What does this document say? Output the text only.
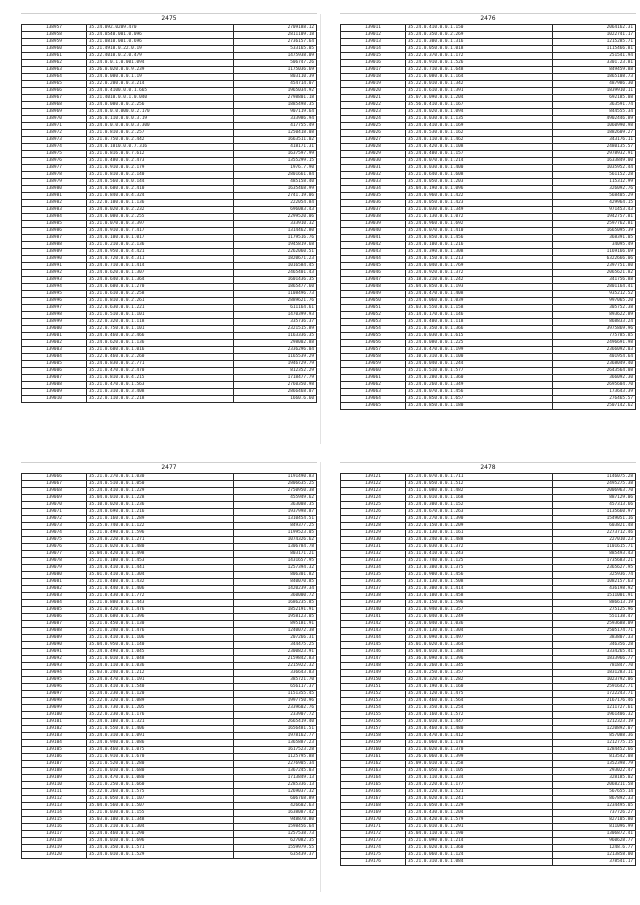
2475
138957	35.24.092.0209.470	2709188.12
138958	35.24.0540.001.0.096	2811109.18
138959	35.21.0810.001.0.696	2736157.64
138960	35.21.4910.0.22.0.19	533165.05
138961	35.22.4010.0.2.0.479	1475938.09
138962	35.24.0.0.1.0.001.094	506747.26
138963	35.26.0.020.0.0.9.239	1175036.69
138964	35.24.0.000.0.0.1.19	803110.39
138965	35.22.0.200.0.0.3.214	454714.07
138966	35.24.0.4100.0.0.1.665	1965034.92
138967	35.21.4010.0.0.1.0.040	2798801.18
138968	35.24.0.000.0.0.2.256	1885498.35
138969	35.24.0.0.0.000.0.2.170	907119.64
138970	35.26.0.110.0.0.0.3.19	333986.94
138971	35.24.0.0.0.0.0.0.3.300	417755.49
138972	35.21.0.810.0.0.2.257	1250418.08
138973	35.21.0.750.0.0.2.442	1663511.02
138974	35.24.0.1010.0.0.7.316	418171.31
138975	35.21.0.816.0.0.7.612	1637597.99
138976	35.21.0.480.0.0.2.473	1355299.15
138977	35.21.0.910.0.0.2.179	1976.7.90
138978	35.21.0.810.0.0.2.140	2801661.84
138979	35.24.0.560.0.0.0.144	485158.40
138980	35.24.0.600.0.0.2.410	1635468.99
138981	35.21.0.840.0.0.4.324	2741.19.06
138982	35.22.0.100.0.0.1.136	222054.84
138983	35.24.0.020.0.0.2.232	696083.43
138984	35.24.0.000.0.0.2.255	2299520.06
138985	35.21.0.070.0.0.3.397	333910.32
138986	35.24.0.910.0.0.7.417	1314462.80
138987	35.24.0.100.0.0.1.017	1179516.76
138988	35.21.0.210.0.0.2.136	1945819.68
138989	35.24.0.950.0.0.4.421	2262060.51
138990	35.24.0.720.0.0.4.311	1820671.23
138991	35.24.0.710.0.0.1.414	1016584.45
138992	35.24.0.620.0.0.1.307	2465401.43
138993	35.24.0.640.0.0.1.364	1601436.35
138994	35.24.0.600.0.0.1.270	1865477.60
138995	35.21.0.610.0.0.2.258	1108496.73
138996	35.21.0.810.0.0.2.261	2889621.76
138997	35.22.0.630.0.0.1.221	611164.61
138998	35.21.0.510.0.0.1.101	1470399.93
138999	35.22.0.320.0.0.1.118	335736.37
139000	35.22.0.750.0.0.1.101	2321515.89
139001	35.24.0.460.0.0.2.466	1163336.35
139002	35.24.0.620.0.0.1.136	298002.88
139003	35.21.0.600.0.0.1.016	2336296.04
139004	35.22.0.460.0.0.2.260	1165539.29
139005	35.24.0.830.0.0.2.771	1946729.79
139006	35.21.0.470.0.0.2.470	812352.29
139007	35.21.0.810.0.0.4.215	1718477.79
139008	35.21.0.470.0.0.1.563	2760350.98
139009	35.21.0.310.0.0.3.408	2866468.07
139010	35.22.0.110.0.0.2.218	1660.6.60
2476
139011	35.24.0.410.0.0.1.150	2064162.31
139012	35.24.0.350.0.0.2.269	1022741.17
139013	35.21.0.300.0.0.1.316	1215285.71
139014	35.21.0.050.0.0.1.018	1115466.81
139015	35.22.0.370.0.0.1.172	251541.94
139016	35.24.0.910.0.0.1.526	3301.23.81
139017	35.22.0.710.0.0.1.648	849459.88
139018	35.21.0.080.0.0.1.164	1865108.73
139019	35.22.0.010.0.0.1.342	487986.30
139020	35.21.0.610.0.0.1.391	1839910.11
139021	35.07.0.090.0.0.1.204	692185.08
139022	35.56.0.410.0.0.1.167	363591.74
139023	35.24.0.020.0.0.1.094	844555.34
139024	35.21.0.030.0.0.1.135	4902446.89
139025	35.24.0.410.0.0.1.169	1060990.98
139026	35.24.0.530.0.0.1.162	1882609.27
139027	35.24.0.110.0.0.1.462	343176.11
139028	35.24.0.420.0.0.1.108	2480135.57
139029	35.24.0.400.0.0.1.157	2978932.91
139030	35.24.0.070.0.0.1.214	1633849.00
139031	35.24.0.030.0.0.1.400	1035952.44
139032	35.21.0.640.0.0.1.608	561152.28
139033	35.24.0.050.0.0.1.203	115312.99
139034	35.04.0.190.0.0.1.096	326092.76
139035	35.24.0.960.0.0.1.422	568405.29
139036	35.24.0.050.0.0.1.423	429964.15
139037	35.21.0.030.0.0.1.349	971453.43
139038	35.21.0.130.0.0.1.072	1942757.81
139039	35.24.0.960.0.0.1.692	2597762.81
139040	35.24.0.070.0.0.1.410	1665095.39
139041	35.24.0.850.0.0.1.456	368391.05
139042	35.24.0.100.0.0.1.216	34095.49
139043	35.24.0.390.0.0.1.308	1169166.69
139044	35.24.0.150.0.0.1.213	6322666.06
139045	35.24.0.040.0.0.1.769	2397751.80
139046	35.24.0.920.0.0.1.372	2065621.82
139047	35.18.0.210.0.0.1.242	341756.88
139048	35.04.0.850.0.0.1.193	2801164.41
139049	35.24.0.470.0.0.1.408	935212.52
139050	35.24.0.060.0.0.1.039	997065.20
139051	35.03.0.550.0.0.1.158	305752.38
139052	35.14.0.170.0.0.1.146	893622.89
139053	35.24.0.400.0.0.1.118	868833.24
139054	35.21.0.350.0.0.1.366	3975869.96
139055	35.21.0.030.0.0.1.615	775785.85
139056	35.24.0.080.0.0.1.225	2496691.98
139057	35.23.0.470.0.0.1.199	2366092.03
139058	35.10.0.310.0.0.1.100	401954.64
139059	35.24.0.040.0.0.1.244	2368049.40
139060	35.21.0.510.0.0.1.577	2643564.08
139061	35.24.0.280.0.0.1.360	366092.30
139062	35.24.0.260.0.0.1.349	2695604.70
139063	35.24.0.070.0.0.1.456	173643.39
139064	35.21.0.850.0.0.1.657	276465.57
139065	35.24.0.850.0.0.1.180	2507142.62
2477
139066	35.21.0.270.0.0.1.030	1191490.83
139067	35.24.0.510.0.0.1.050	2806635.25
139068	35.24.0.410.0.0.1.229	2750950.38
139069	35.04.0.010.0.0.1.228	455949.62
139070	35.10.0.020.0.0.1.236	363008.35
139071	35.24.0.690.0.0.1.216	1937998.87
139072	35.21.0.160.0.0.1.289	1310454.51
139073	35.25.0.740.0.0.1.122	849377.25
139074	35.21.0.490.0.0.1.596	1199523.05
139075	35.24.0.220.0.0.1.271	1074326.62
139076	35.21.0.020.0.0.1.480	1306784.78
139077	35.04.0.420.0.0.1.498	803171.21
139078	35.21.0.100.0.0.1.453	1431657.95
139079	35.24.0.410.0.0.1.441	1257394.32
139080	35.01.0.410.0.0.1.304	806301.82
139081	35.21.0.400.0.0.1.432	840070.85
139082	35.21.0.440.0.0.1.406	1420239.34
139083	35.21.0.430.0.0.1.772	360000.72
139084	35.21.0.800.0.0.1.443	1686235.85
139085	35.21.0.420.0.0.1.476	1852191.91
139086	35.24.0.680.0.0.1.396	1958123.05
139087	35.21.0.450.0.0.1.130	895181.91
139088	35.21.0.240.0.0.1.476	1240072.38
139089	35.21.0.410.0.0.1.106	207266.31
139090	35.04.0.950.0.0.1.140	344475.25
139091	35.24.0.490.0.0.1.045	2300823.91
139092	35.21.0.010.0.0.1.048	2159842.83
139093	35.24.0.110.0.0.1.036	2215922.32
139094	35.03.0.240.0.0.1.212	336643.83
139095	35.24.0.470.0.0.1.191	385721.70
139096	35.24.0.410.0.0.1.540	656117.37
139097	35.24.0.230.0.0.1.120	1151355.45
139098	35.22.0.320.0.0.1.089	1997750.96
139099	35.24.0.730.0.0.1.205	2339602.76
139100	35.22.0.230.0.0.1.176	233907.72
139101	35.24.0.100.0.0.1.321	2665419.40
139102	35.21.0.550.0.0.1.406	1656481.51
139103	35.24.0.310.0.0.1.091	1978162.77
139104	35.24.0.940.0.0.1.086	1365887.23
139105	35.24.0.460.0.0.1.075	1617523.28
139106	35.21.0.910.0.0.1.670	1125795.88
139107	35.21.0.520.0.0.1.280	2276905.34
139108	35.21.0.010.0.0.1.680	1367245.03
139109	35.24.0.470.0.0.1.080	1713849.13
139110	35.21.0.250.0.0.1.660	2285336.13
139111	35.22.0.260.0.0.1.575	1269037.32
139112	35.21.0.050.0.0.1.107	606768.89
139113	35.04.0.560.0.0.1.507	426602.63
139114	35.21.0.030.0.0.1.155	1638087.42
139115	35.03.0.100.0.0.1.348	948878.80
139116	35.24.0.210.0.0.1.304	1598456.64
139117	35.24.0.460.0.0.1.290	1257538.73
139118	35.24.0.010.0.0.1.696	627082.35
139119	35.24.0.350.0.0.1.571	1559979.55
139120	35.24.0.010.0.0.1.529	635439.37
2478
139121	35.24.0.070.0.0.1.711	1146075.28
139122	35.24.0.050.0.0.1.512	2495275.38
139123	35.11.0.080.0.0.1.482	2006963.70
139124	35.24.0.010.0.0.1.168	887129.06
139125	35.24.0.300.0.0.1.152	457313.66
139126	35.24.0.670.0.0.1.263	1135660.97
139127	35.24.0.270.0.0.1.390	1549051.16
139128	35.22.0.150.0.0.1.209	603821.48
139129	35.21.0.130.0.0.1.161	2273712.46
139130	35.24.0.240.0.0.1.488	227010.23
139131	35.21.0.030.0.0.1.372	1101615.71
139132	35.11.0.410.0.0.1.243	885493.43
139133	35.21.0.740.0.0.1.125	1735683.21
139134	35.13.0.380.0.0.1.375	2365627.95
139135	35.21.0.900.0.0.1.456	325936.74
139136	35.13.0.130.0.0.1.508	1082157.63
139137	35.21.0.300.0.0.1.414	436198.92
139138	35.13.0.100.0.0.1.458	1511001.91
139139	35.24.0.150.0.0.1.596	886613.19
139140	35.21.0.940.0.0.1.357	275125.96
139141	35.21.0.040.0.0.1.249	551138.47
139142	35.24.0.040.0.0.1.036	2593688.09
139143	35.24.0.130.0.0.1.304	2505174.71
139144	35.24.0.090.0.0.1.497	383807.33
139145	35.01.0.020.0.0.1.364	346356.28
139146	35.04.0.010.0.0.1.384	3334265.41
139147	35.36.0.090.0.0.1.396	1833966.77
139148	35.20.0.260.0.0.1.345	781847.70
139149	35.24.0.250.0.0.1.357	1831283.11
139150	35.24.0.320.0.0.1.282	1023792.06
139151	35.24.0.190.0.0.1.160	2591642.71
139152	35.24.0.120.0.0.1.475	1722243.71
139153	35.24.0.460.0.0.1.564	2167176.46
139154	35.21.0.350.0.0.1.254	1211727.61
139155	35.24.0.160.0.0.1.572	1961406.32
139156	35.24.0.010.0.0.1.447	1212323.19
139157	35.24.0.460.0.0.1.480	1220892.07
139158	35.24.0.470.0.0.1.412	857088.36
139159	35.21.0.060.0.0.1.178	1212775.15
139160	35.21.0.020.0.0.1.370	1284452.66
139161	35.26.0.060.0.0.1.399	813542.08
139162	35.09.0.010.0.0.1.258	1352398.79
139163	35.24.0.050.0.0.1.105	293022.47
139164	35.24.0.110.0.0.1.334	328185.02
139165	35.24.0.220.0.0.1.177	2068211.58
139166	35.14.0.220.0.0.1.521	567655.14
139167	35.24.0.020.0.0.1.241	867892.33
139168	35.21.0.050.0.0.1.229	1234495.05
139169	35.24.0.430.0.0.1.204	737726.27
139170	35.24.0.420.0.0.1.579	827105.80
139171	35.21.0.010.0.0.1.291	811096.99
139172	35.04.0.110.0.0.1.190	1306872.41
139173	35.21.0.090.0.0.1.214	960628.77
139174	35.21.0.020.0.0.1.360	1248.6.77
139175	35.21.0.060.0.0.1.124	1213858.00
139176	35.21.0.310.0.0.1.084	378541.17
